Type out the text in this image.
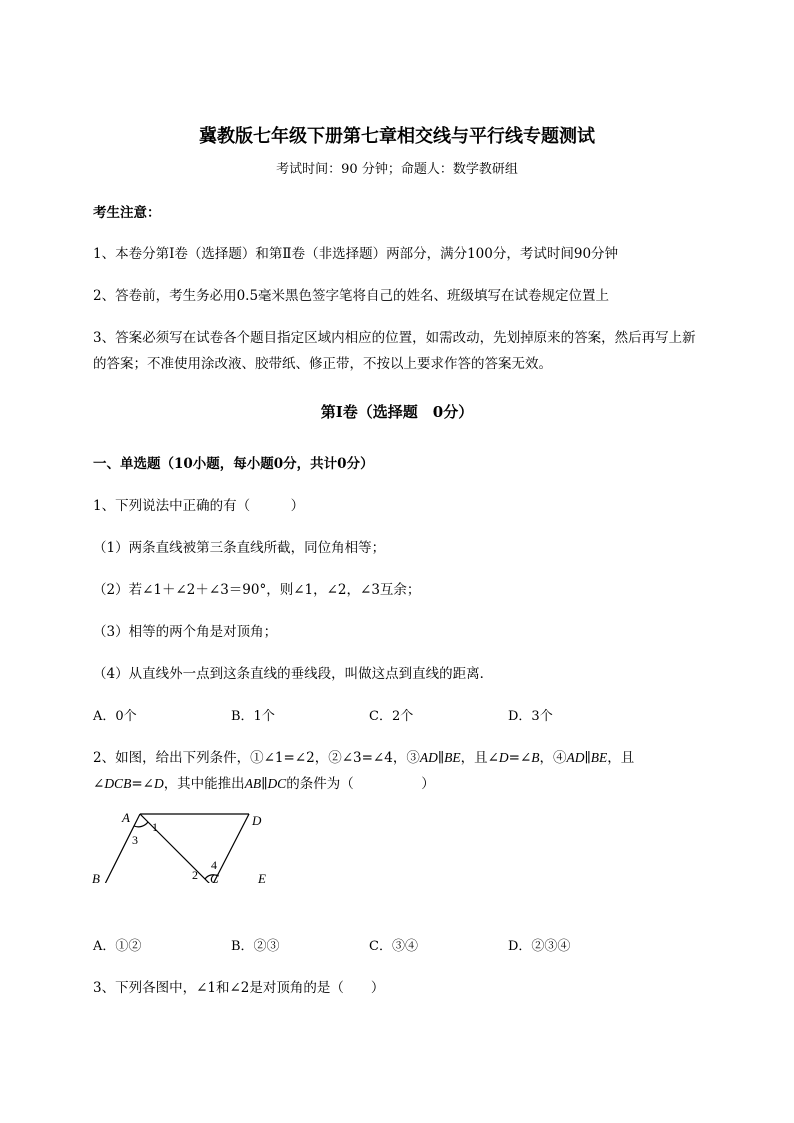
冀教版七年级下册第七章相交线与平行线专题测试
考试时间：90 分钟；命题人：数学教研组
考生注意：
1、本卷分第Ⅰ卷（选择题）和第Ⅱ卷（非选择题）两部分，满分100分，考试时间90分钟
2、答卷前，考生务必用0.5毫米黑色签字笔将自己的姓名、班级填写在试卷规定位置上
3、答案必须写在试卷各个题目指定区域内相应的位置，如需改动，先划掉原来的答案，然后再写上新
的答案；不准使用涂改液、胶带纸、修正带，不按以上要求作答的答案无效。
第Ⅰ卷（选择题　0分）
一、单选题（10小题，每小题0分，共计0分）
1、下列说法中正确的有（　　　）
（1）两条直线被第三条直线所截，同位角相等；
（2）若∠1＋∠2＋∠3＝90°，则∠1，∠2，∠3互余；
（3）相等的两个角是对顶角；
（4）从直线外一点到这条直线的垂线段，叫做这点到直线的距离．
A．0个	B．1个	C．2个	D．3个
2、如图，给出下列条件，①∠1=∠2，②∠3=∠4，③AD∥BE，且∠D=∠B，④AD∥BE，且
∠DCB=∠D，其中能推出AB∥DC的条件为（　　　　　）
A	D
B	C	E
1
3
2
4
A．①②	B．②③	C．③④	D．②③④
3、下列各图中，∠1和∠2是对顶角的是（　　）
